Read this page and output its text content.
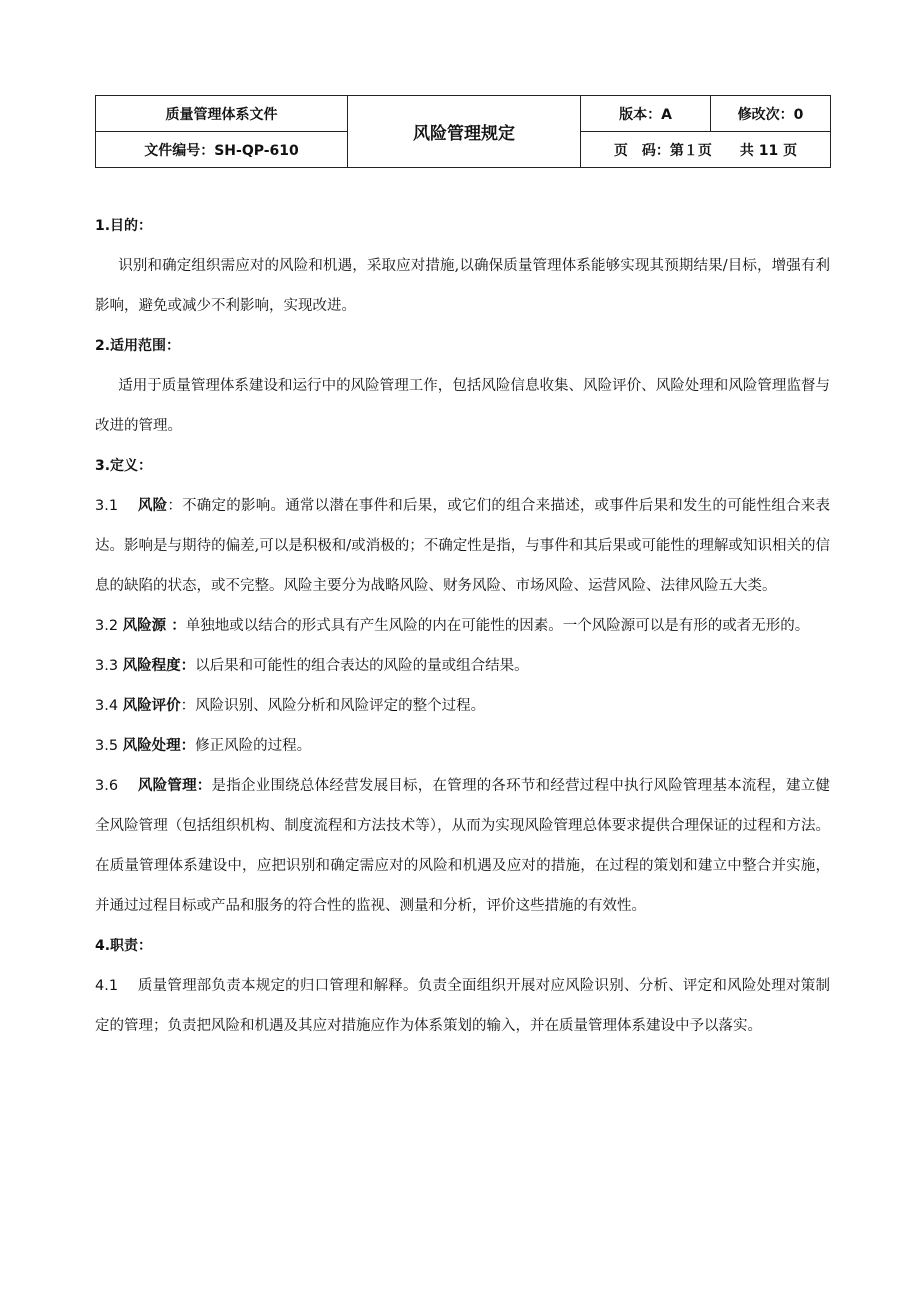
质量管理体系文件	风险管理规定	版本：A	修改次：0
文件编号：SH-QP-610		页　码：第１页　　共 11 页	

1.目的：

识别和确定组织需应对的风险和机遇，采取应对措施,以确保质量管理体系能够实现其预期结果/目标，增强有利影响，避免或减少不利影响，实现改进。

2.适用范围：

适用于质量管理体系建设和运行中的风险管理工作，包括风险信息收集、风险评价、风险处理和风险管理监督与改进的管理。

3.定义：

3.1　 风险：不确定的影响。通常以潜在事件和后果，或它们的组合来描述，或事件后果和发生的可能性组合来表达。影响是与期待的偏差,可以是积极和/或消极的；不确定性是指，与事件和其后果或可能性的理解或知识相关的信息的缺陷的状态，或不完整。风险主要分为战略风险、财务风险、市场风险、运营风险、法律风险五大类。

3.2 风险源 ：单独地或以结合的形式具有产生风险的内在可能性的因素。一个风险源可以是有形的或者无形的。

3.3 风险程度：以后果和可能性的组合表达的风险的量或组合结果。

3.4 风险评价：风险识别、风险分析和风险评定的整个过程。

3.5 风险处理：修正风险的过程。

3.6　 风险管理：是指企业围绕总体经营发展目标，在管理的各环节和经营过程中执行风险管理基本流程，建立健全风险管理（包括组织机构、制度流程和方法技术等），从而为实现风险管理总体要求提供合理保证的过程和方法。在质量管理体系建设中，应把识别和确定需应对的风险和机遇及应对的措施，在过程的策划和建立中整合并实施，并通过过程目标或产品和服务的符合性的监视、测量和分析，评价这些措施的有效性。

4.职责：

4.1　 质量管理部负责本规定的归口管理和解释。负责全面组织开展对应风险识别、分析、评定和风险处理对策制定的管理；负责把风险和机遇及其应对措施应作为体系策划的输入，并在质量管理体系建设中予以落实。
